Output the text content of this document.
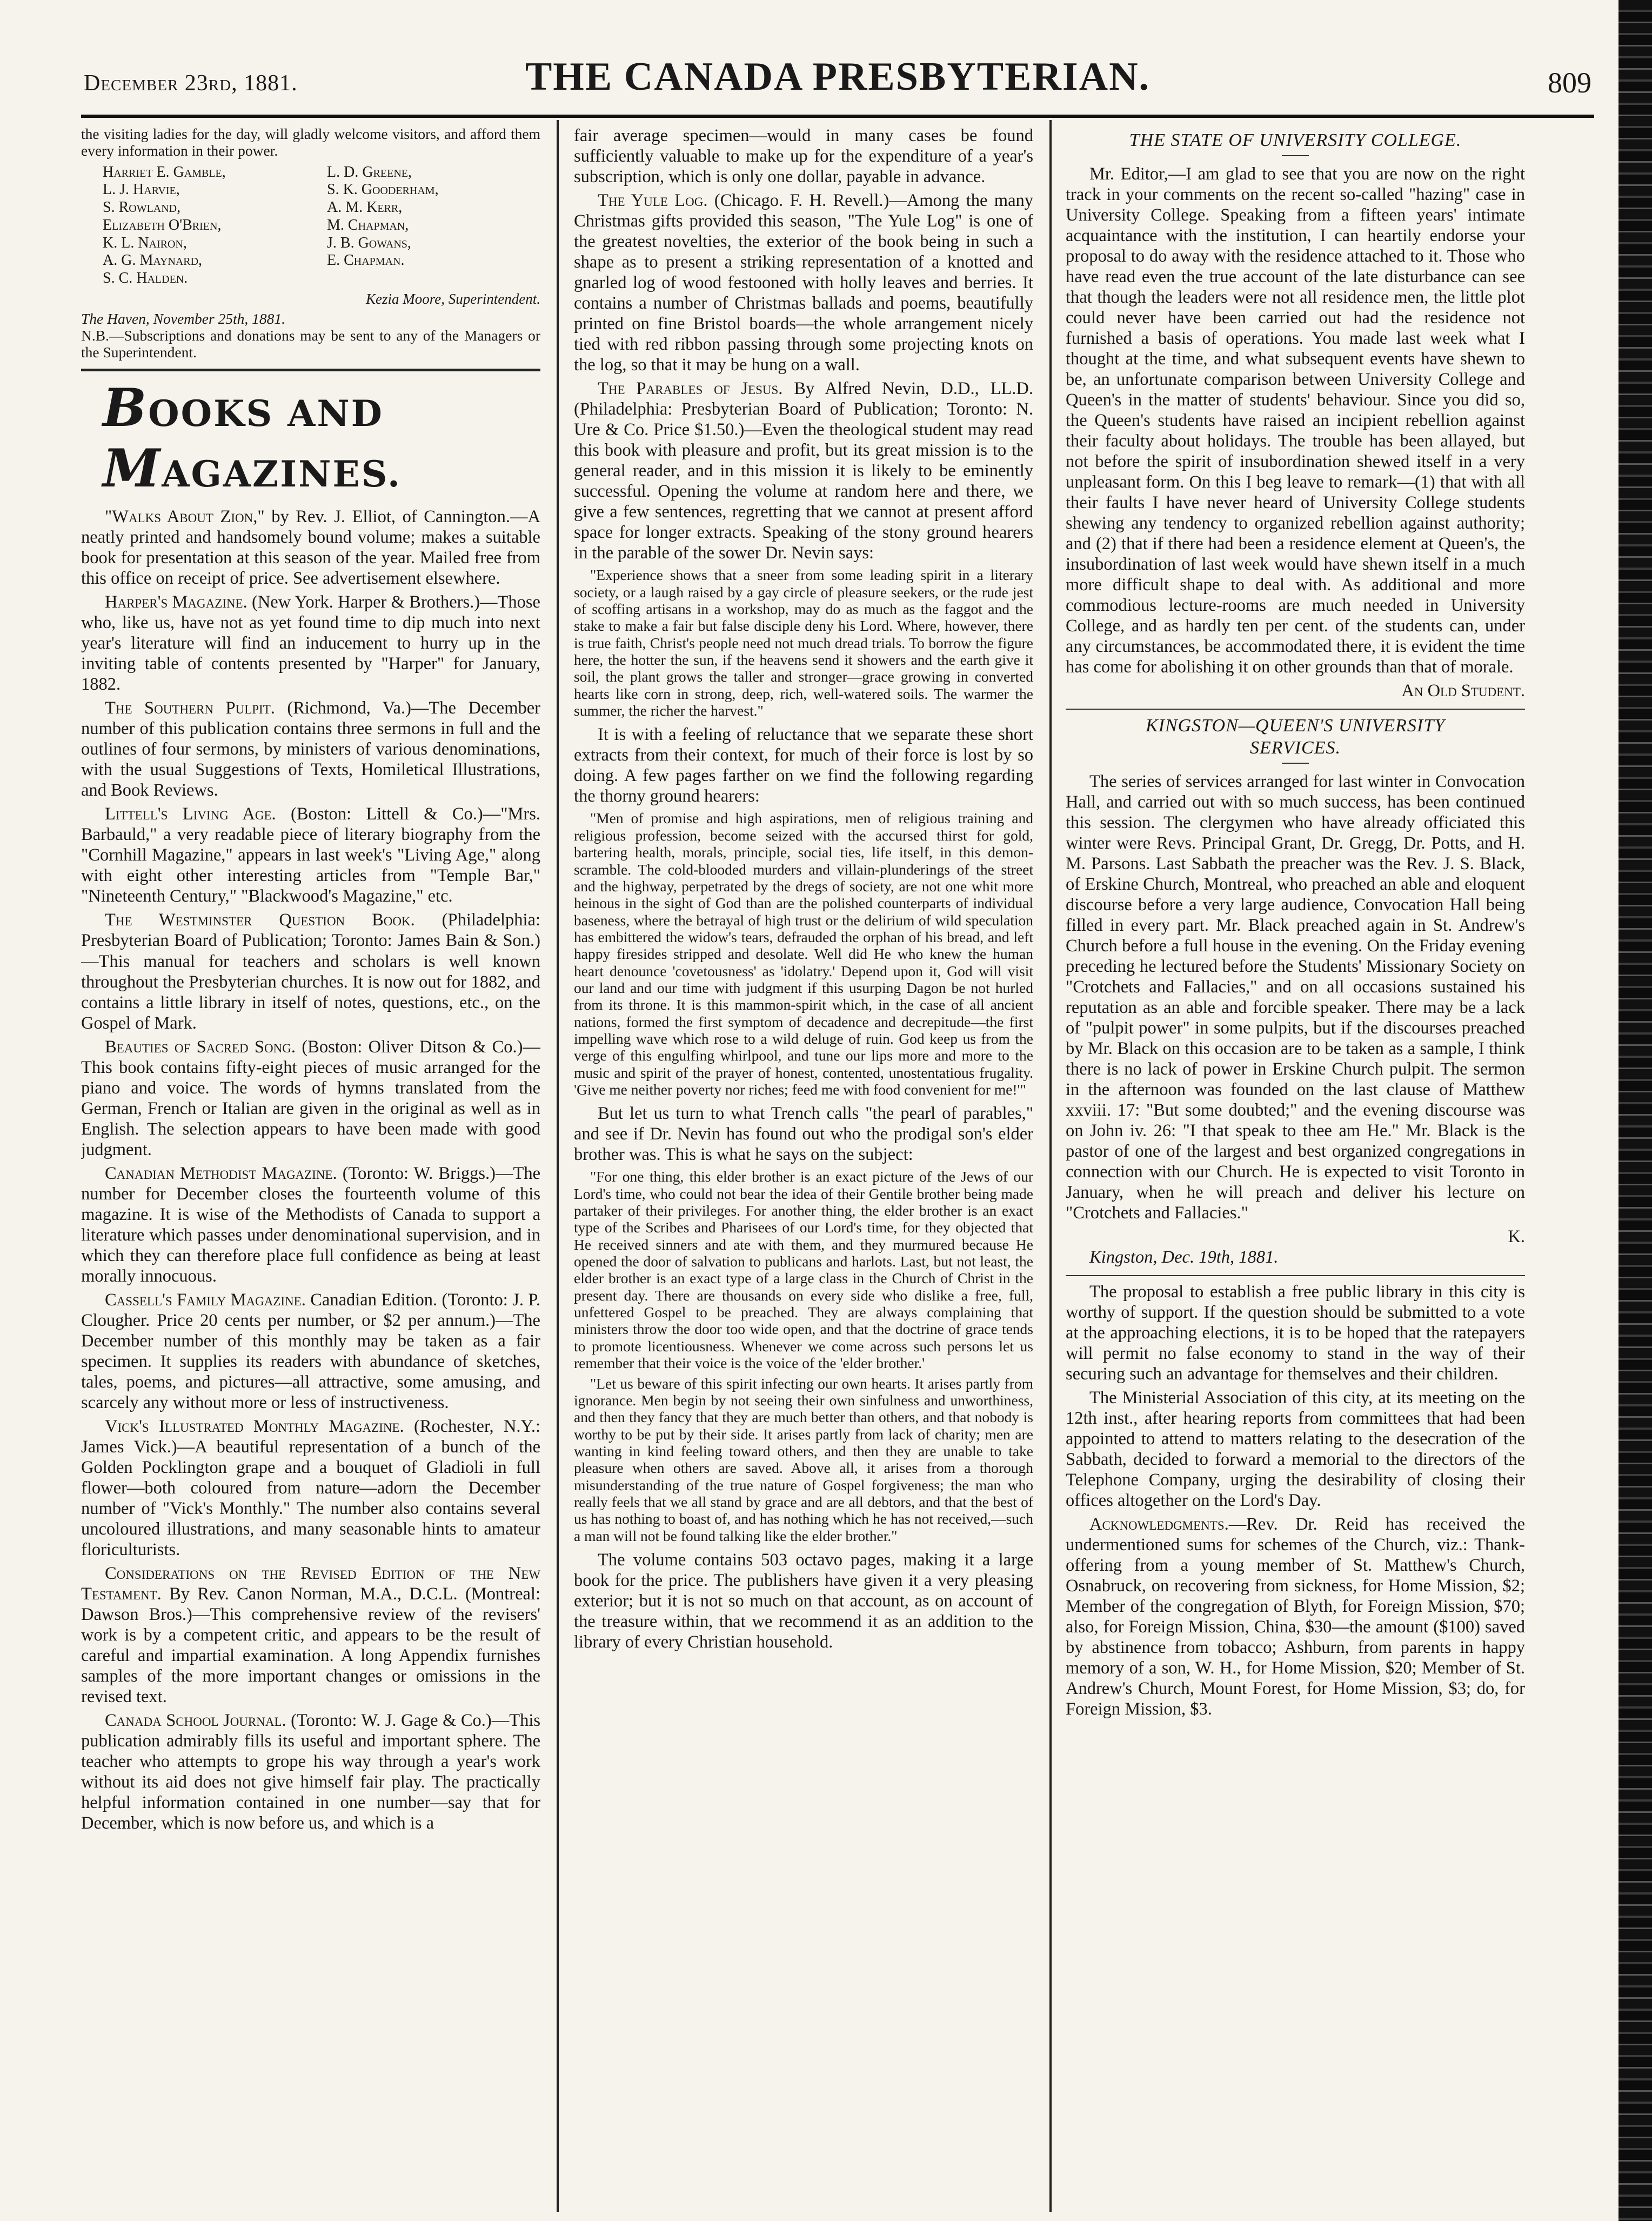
December 23rd, 1881.	THE CANADA PRESBYTERIAN.	809

the visiting ladies for the day, will gladly welcome visitors, and afford them every information in their power.

Harriet E. Gamble,	L. D. Greene,
L. J. Harvie,	S. K. Gooderham,
S. Rowland,	A. M. Kerr,
Elizabeth O'Brien,	M. Chapman,
K. L. Nairon,	J. B. Gowans,
A. G. Maynard,	E. Chapman.
S. C. Halden.
Kezia Moore, Superintendent.
The Haven, November 25th, 1881.

N.B.—Subscriptions and donations may be sent to any of the Managers or the Superintendent.

BOOKS AND MAGAZINES.

"Walks About Zion," by Rev. J. Elliot, of Cannington.—A neatly printed and handsomely bound volume; makes a suitable book for presentation at this season of the year. Mailed free from this office on receipt of price. See advertisement elsewhere.

Harper's Magazine. (New York. Harper & Brothers.)—Those who, like us, have not as yet found time to dip much into next year's literature will find an inducement to hurry up in the inviting table of contents presented by "Harper" for January, 1882.

The Southern Pulpit. (Richmond, Va.)—The December number of this publication contains three sermons in full and the outlines of four sermons, by ministers of various denominations, with the usual Suggestions of Texts, Homiletical Illustrations, and Book Reviews.

Littell's Living Age. (Boston: Littell & Co.)—"Mrs. Barbauld," a very readable piece of literary biography from the "Cornhill Magazine," appears in last week's "Living Age," along with eight other interesting articles from "Temple Bar," "Nineteenth Century," "Blackwood's Magazine," etc.

The Westminster Question Book. (Philadelphia: Presbyterian Board of Publication; Toronto: James Bain & Son.)—This manual for teachers and scholars is well known throughout the Presbyterian churches. It is now out for 1882, and contains a little library in itself of notes, questions, etc., on the Gospel of Mark.

Beauties of Sacred Song. (Boston: Oliver Ditson & Co.)—This book contains fifty-eight pieces of music arranged for the piano and voice. The words of hymns translated from the German, French or Italian are given in the original as well as in English. The selection appears to have been made with good judgment.

Canadian Methodist Magazine. (Toronto: W. Briggs.)—The number for December closes the fourteenth volume of this magazine. It is wise of the Methodists of Canada to support a literature which passes under denominational supervision, and in which they can therefore place full confidence as being at least morally innocuous.

Cassell's Family Magazine. Canadian Edition. (Toronto: J. P. Clougher. Price 20 cents per number, or $2 per annum.)—The December number of this monthly may be taken as a fair specimen. It supplies its readers with abundance of sketches, tales, poems, and pictures—all attractive, some amusing, and scarcely any without more or less of instructiveness.

Vick's Illustrated Monthly Magazine. (Rochester, N.Y.: James Vick.)—A beautiful representation of a bunch of the Golden Pocklington grape and a bouquet of Gladioli in full flower—both coloured from nature—adorn the December number of "Vick's Monthly." The number also contains several uncoloured illustrations, and many seasonable hints to amateur floriculturists.

Considerations on the Revised Edition of the New Testament. By Rev. Canon Norman, M.A., D.C.L. (Montreal: Dawson Bros.)—This comprehensive review of the revisers' work is by a competent critic, and appears to be the result of careful and impartial examination. A long Appendix furnishes samples of the more important changes or omissions in the revised text.

Canada School Journal. (Toronto: W. J. Gage & Co.)—This publication admirably fills its useful and important sphere. The teacher who attempts to grope his way through a year's work without its aid does not give himself fair play. The practically helpful information contained in one number—say that for December, which is now before us, and which is a

fair average specimen—would in many cases be found sufficiently valuable to make up for the expenditure of a year's subscription, which is only one dollar, payable in advance.

The Yule Log. (Chicago. F. H. Revell.)—Among the many Christmas gifts provided this season, "The Yule Log" is one of the greatest novelties, the exterior of the book being in such a shape as to present a striking representation of a knotted and gnarled log of wood festooned with holly leaves and berries. It contains a number of Christmas ballads and poems, beautifully printed on fine Bristol boards—the whole arrangement nicely tied with red ribbon passing through some projecting knots on the log, so that it may be hung on a wall.

The Parables of Jesus. By Alfred Nevin, D.D., LL.D. (Philadelphia: Presbyterian Board of Publication; Toronto: N. Ure & Co. Price $1.50.)—Even the theological student may read this book with pleasure and profit, but its great mission is to the general reader, and in this mission it is likely to be eminently successful. Opening the volume at random here and there, we give a few sentences, regretting that we cannot at present afford space for longer extracts. Speaking of the stony ground hearers in the parable of the sower Dr. Nevin says:

"Experience shows that a sneer from some leading spirit in a literary society, or a laugh raised by a gay circle of pleasure seekers, or the rude jest of scoffing artisans in a workshop, may do as much as the faggot and the stake to make a fair but false disciple deny his Lord. Where, however, there is true faith, Christ's people need not much dread trials. To borrow the figure here, the hotter the sun, if the heavens send it showers and the earth give it soil, the plant grows the taller and stronger—grace growing in converted hearts like corn in strong, deep, rich, well-watered soils. The warmer the summer, the richer the harvest."

It is with a feeling of reluctance that we separate these short extracts from their context, for much of their force is lost by so doing. A few pages farther on we find the following regarding the thorny ground hearers:

"Men of promise and high aspirations, men of religious training and religious profession, become seized with the accursed thirst for gold, bartering health, morals, principle, social ties, life itself, in this demon-scramble. The cold-blooded murders and villain-plunderings of the street and the highway, perpetrated by the dregs of society, are not one whit more heinous in the sight of God than are the polished counterparts of individual baseness, where the betrayal of high trust or the delirium of wild speculation has embittered the widow's tears, defrauded the orphan of his bread, and left happy firesides stripped and desolate. Well did He who knew the human heart denounce 'covetousness' as 'idolatry.' Depend upon it, God will visit our land and our time with judgment if this usurping Dagon be not hurled from its throne. It is this mammon-spirit which, in the case of all ancient nations, formed the first symptom of decadence and decrepitude—the first impelling wave which rose to a wild deluge of ruin. God keep us from the verge of this engulfing whirlpool, and tune our lips more and more to the music and spirit of the prayer of honest, contented, unostentatious frugality. 'Give me neither poverty nor riches; feed me with food convenient for me!'"

But let us turn to what Trench calls "the pearl of parables," and see if Dr. Nevin has found out who the prodigal son's elder brother was. This is what he says on the subject:

"For one thing, this elder brother is an exact picture of the Jews of our Lord's time, who could not bear the idea of their Gentile brother being made partaker of their privileges. For another thing, the elder brother is an exact type of the Scribes and Pharisees of our Lord's time, for they objected that He received sinners and ate with them, and they murmured because He opened the door of salvation to publicans and harlots. Last, but not least, the elder brother is an exact type of a large class in the Church of Christ in the present day. There are thousands on every side who dislike a free, full, unfettered Gospel to be preached. They are always complaining that ministers throw the door too wide open, and that the doctrine of grace tends to promote licentiousness. Whenever we come across such persons let us remember that their voice is the voice of the 'elder brother.'

"Let us beware of this spirit infecting our own hearts. It arises partly from ignorance. Men begin by not seeing their own sinfulness and unworthiness, and then they fancy that they are much better than others, and that nobody is worthy to be put by their side. It arises partly from lack of charity; men are wanting in kind feeling toward others, and then they are unable to take pleasure when others are saved. Above all, it arises from a thorough misunderstanding of the true nature of Gospel forgiveness; the man who really feels that we all stand by grace and are all debtors, and that the best of us has nothing to boast of, and has nothing which he has not received,—such a man will not be found talking like the elder brother."

The volume contains 503 octavo pages, making it a large book for the price. The publishers have given it a very pleasing exterior; but it is not so much on that account, as on account of the treasure within, that we recommend it as an addition to the library of every Christian household.

THE STATE OF UNIVERSITY COLLEGE.

Mr. Editor,—I am glad to see that you are now on the right track in your comments on the recent so-called "hazing" case in University College. Speaking from a fifteen years' intimate acquaintance with the institution, I can heartily endorse your proposal to do away with the residence attached to it. Those who have read even the true account of the late disturbance can see that though the leaders were not all residence men, the little plot could never have been carried out had the residence not furnished a basis of operations. You made last week what I thought at the time, and what subsequent events have shewn to be, an unfortunate comparison between University College and Queen's in the matter of students' behaviour. Since you did so, the Queen's students have raised an incipient rebellion against their faculty about holidays. The trouble has been allayed, but not before the spirit of insubordination shewed itself in a very unpleasant form. On this I beg leave to remark—(1) that with all their faults I have never heard of University College students shewing any tendency to organized rebellion against authority; and (2) that if there had been a residence element at Queen's, the insubordination of last week would have shewn itself in a much more difficult shape to deal with. As additional and more commodious lecture-rooms are much needed in University College, and as hardly ten per cent. of the students can, under any circumstances, be accommodated there, it is evident the time has come for abolishing it on other grounds than that of morale.

An Old Student.
KINGSTON—QUEEN'S UNIVERSITY
SERVICES.

The series of services arranged for last winter in Convocation Hall, and carried out with so much success, has been continued this session. The clergymen who have already officiated this winter were Revs. Principal Grant, Dr. Gregg, Dr. Potts, and H. M. Parsons. Last Sabbath the preacher was the Rev. J. S. Black, of Erskine Church, Montreal, who preached an able and eloquent discourse before a very large audience, Convocation Hall being filled in every part. Mr. Black preached again in St. Andrew's Church before a full house in the evening. On the Friday evening preceding he lectured before the Students' Missionary Society on "Crotchets and Fallacies," and on all occasions sustained his reputation as an able and forcible speaker. There may be a lack of "pulpit power" in some pulpits, but if the discourses preached by Mr. Black on this occasion are to be taken as a sample, I think there is no lack of power in Erskine Church pulpit. The sermon in the afternoon was founded on the last clause of Matthew xxviii. 17: "But some doubted;" and the evening discourse was on John iv. 26: "I that speak to thee am He." Mr. Black is the pastor of one of the largest and best organized congregations in connection with our Church. He is expected to visit Toronto in January, when he will preach and deliver his lecture on "Crotchets and Fallacies."

K.
Kingston, Dec. 19th, 1881.

The proposal to establish a free public library in this city is worthy of support. If the question should be submitted to a vote at the approaching elections, it is to be hoped that the ratepayers will permit no false economy to stand in the way of their securing such an advantage for themselves and their children.

The Ministerial Association of this city, at its meeting on the 12th inst., after hearing reports from committees that had been appointed to attend to matters relating to the desecration of the Sabbath, decided to forward a memorial to the directors of the Telephone Company, urging the desirability of closing their offices altogether on the Lord's Day.

Acknowledgments.—Rev. Dr. Reid has received the undermentioned sums for schemes of the Church, viz.: Thank-offering from a young member of St. Matthew's Church, Osnabruck, on recovering from sickness, for Home Mission, $2; Member of the congregation of Blyth, for Foreign Mission, $70; also, for Foreign Mission, China, $30—the amount ($100) saved by abstinence from tobacco; Ashburn, from parents in happy memory of a son, W. H., for Home Mission, $20; Member of St. Andrew's Church, Mount Forest, for Home Mission, $3; do, for Foreign Mission, $3.
